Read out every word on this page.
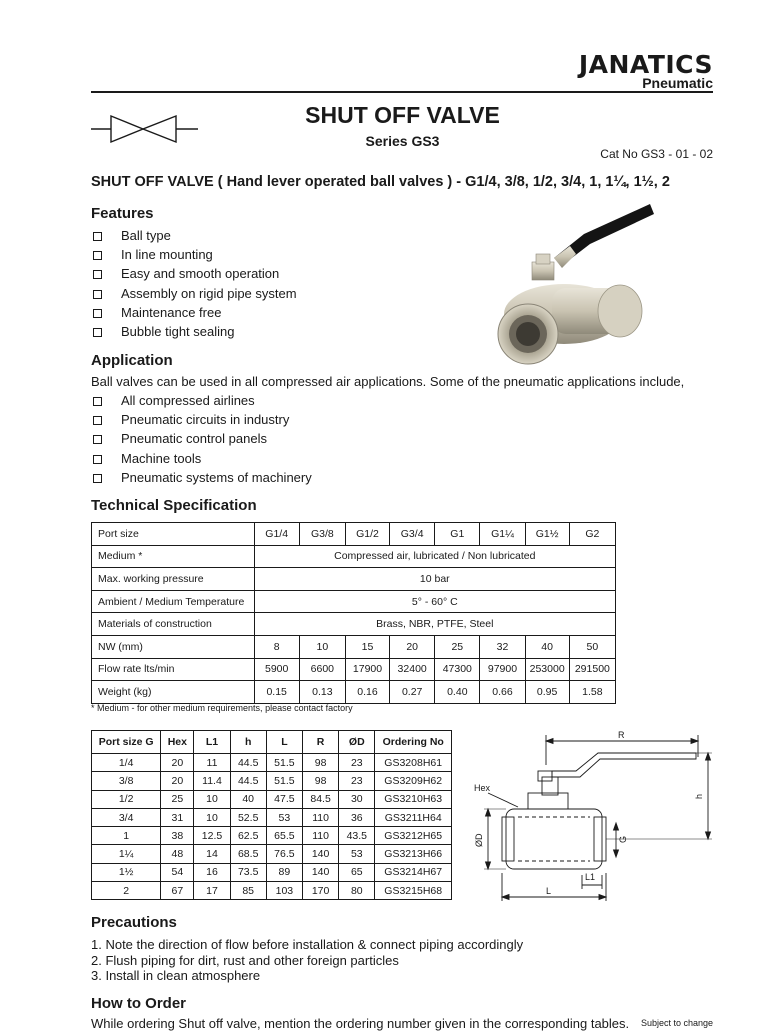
JANATICS
Pneumatic
SHUT OFF VALVE
Series GS3
Cat No GS3 - 01 - 02
SHUT OFF VALVE ( Hand lever operated ball valves ) - G1/4, 3/8, 1/2, 3/4, 1, 1¼, 1½, 2
Features
Ball type
In line mounting
Easy and smooth operation
Assembly on rigid pipe system
Maintenance free
Bubble tight sealing
Application
Ball valves can be used in all compressed air applications. Some of the pneumatic applications include,
All compressed airlines
Pneumatic circuits in industry
Pneumatic control panels
Machine tools
Pneumatic systems of machinery
Technical Specification
Port size	G1/4	G3/8	G1/2	G3/4	G1	G1¼	G1½	G2
Medium *	Compressed air, lubricated / Non lubricated							
Max. working pressure	10 bar							
Ambient / Medium Temperature	5° - 60° C							
Materials of construction	Brass, NBR, PTFE, Steel							
NW (mm)	8	10	15	20	25	32	40	50
Flow rate lts/min	5900	6600	17900	32400	47300	97900	253000	291500
Weight (kg)	0.15	0.13	0.16	0.27	0.40	0.66	0.95	1.58
* Medium - for other medium requirements, please contact factory
Port size G	Hex	L1	h	L	R	ØD	Ordering No
1/4	20	11	44.5	51.5	98	23	GS3208H61
3/8	20	11.4	44.5	51.5	98	23	GS3209H62
1/2	25	10	40	47.5	84.5	30	GS3210H63
3/4	31	10	52.5	53	110	36	GS3211H64
1	38	12.5	62.5	65.5	110	43.5	GS3212H65
1¼	48	14	68.5	76.5	140	53	GS3213H66
1½	54	16	73.5	89	140	65	GS3214H67
2	67	17	85	103	170	80	GS3215H68
R
h
Hex
ØD	G
L1
L
Precautions
1. Note the direction of flow before installation & connect piping accordingly
2. Flush piping for dirt, rust and other foreign particles
3. Install in clean atmosphere
How to Order
While ordering Shut off valve, mention the ordering number given in the corresponding tables. Subject to change
